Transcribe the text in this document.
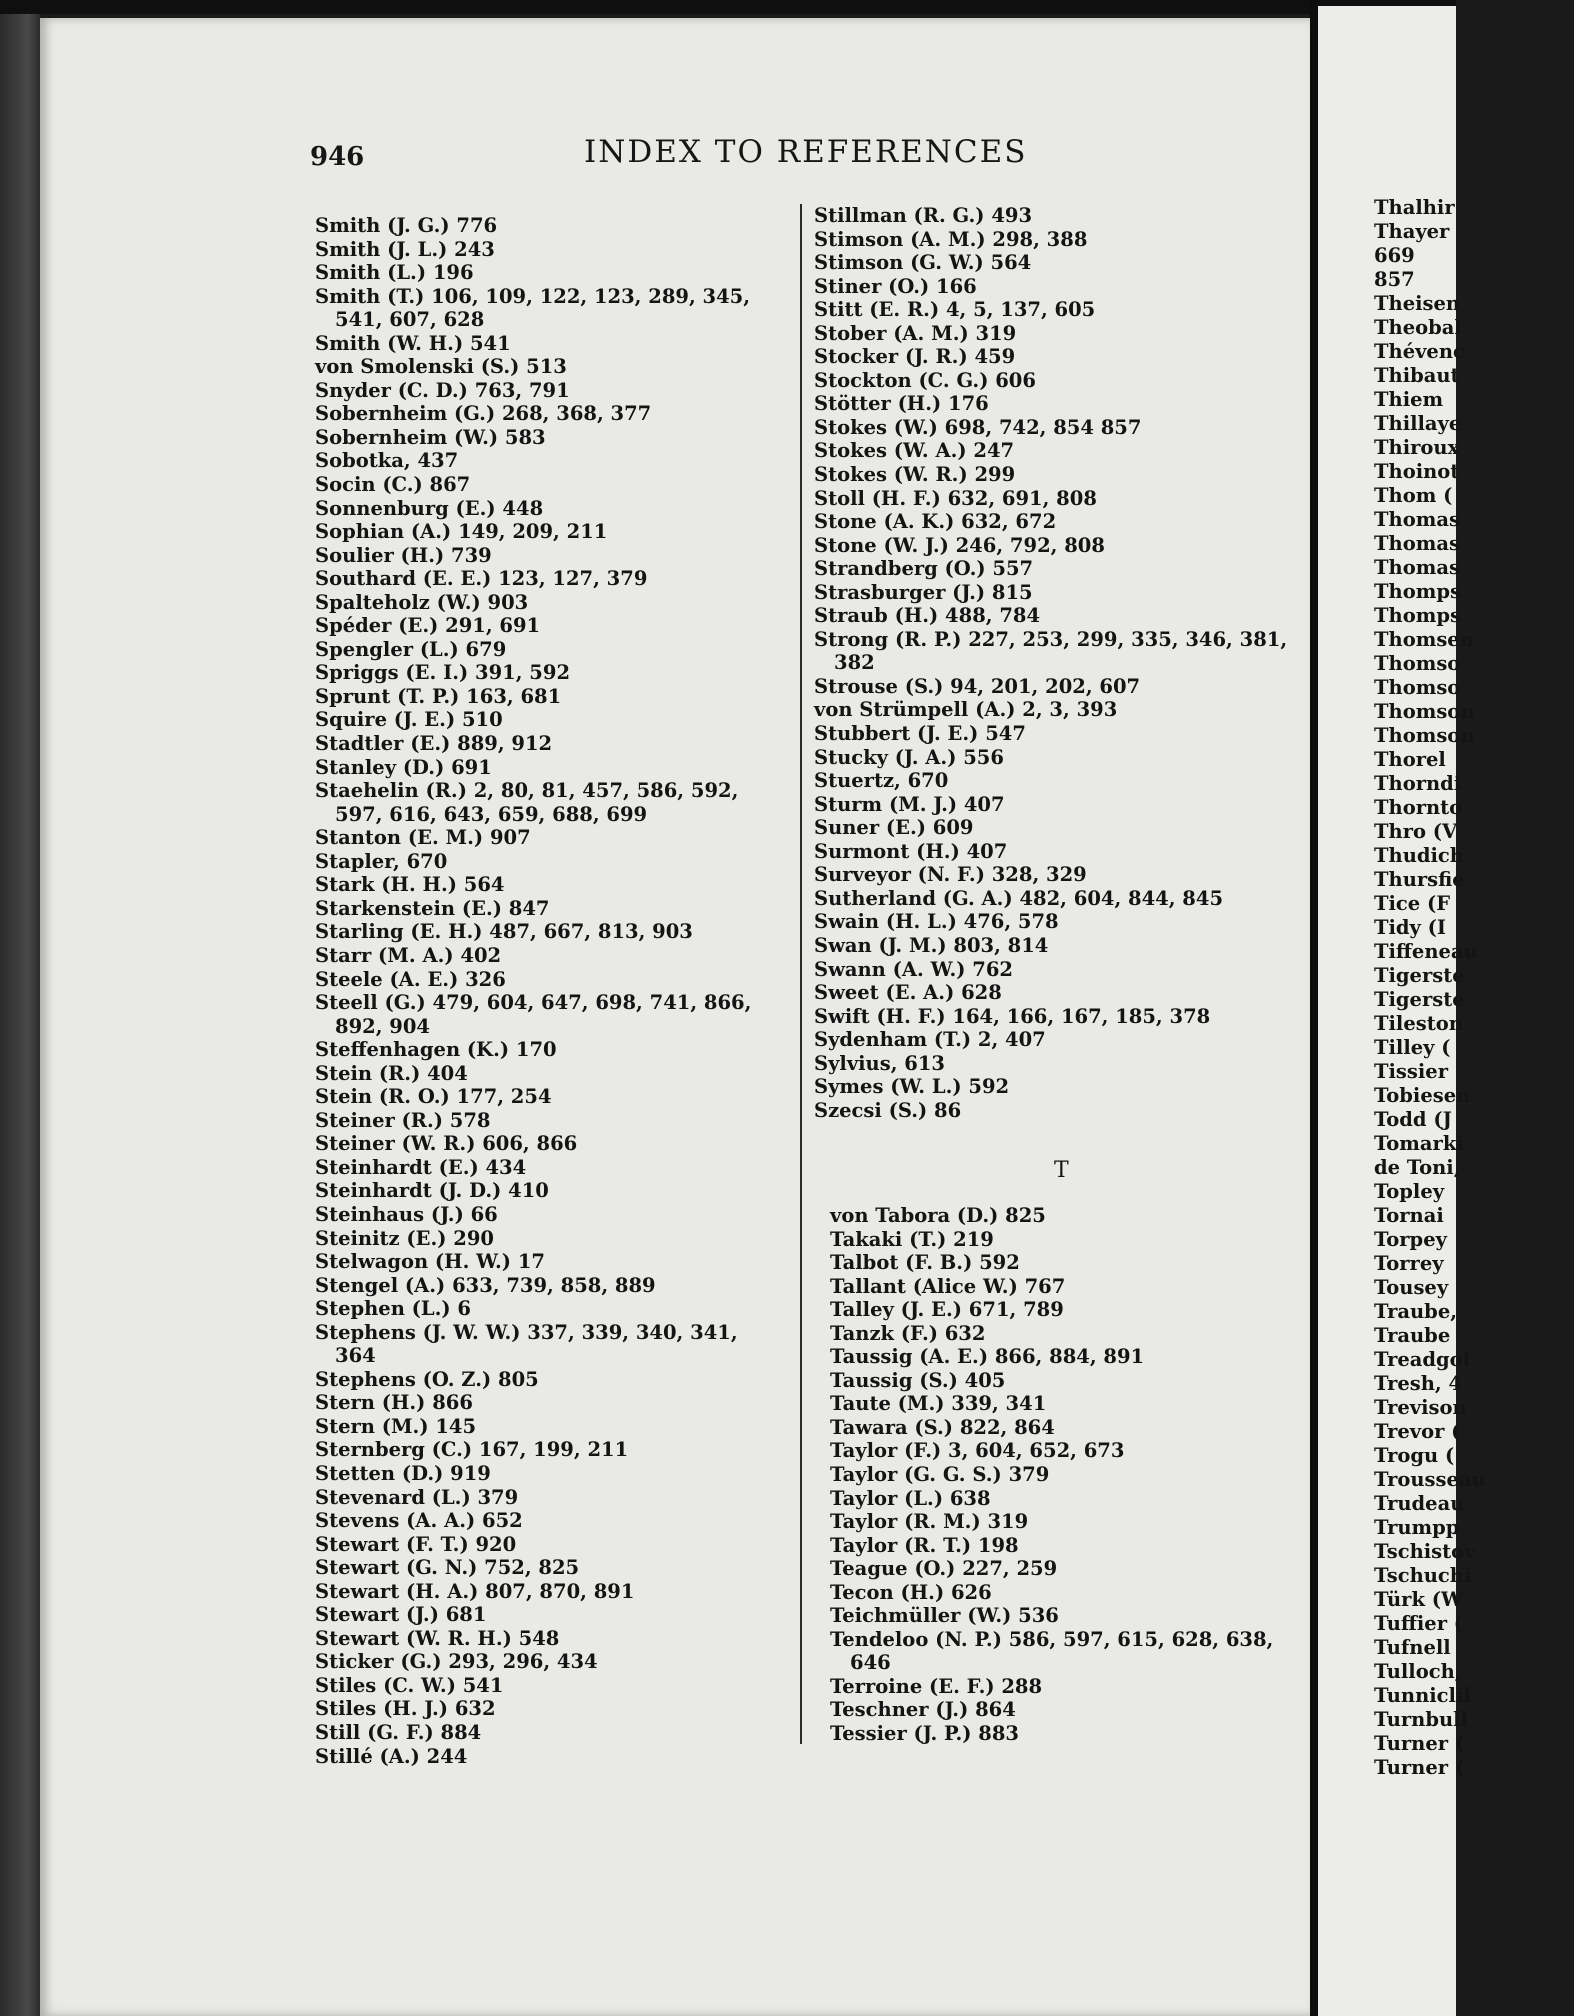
946	INDEX TO REFERENCES
Smith (J. G.) 776
Smith (J. L.) 243
Smith (L.) 196
Smith (T.) 106, 109, 122, 123, 289, 345, 541, 607, 628
Smith (W. H.) 541
von Smolenski (S.) 513
Snyder (C. D.) 763, 791
Sobernheim (G.) 268, 368, 377
Sobernheim (W.) 583
Sobotka, 437
Socin (C.) 867
Sonnenburg (E.) 448
Sophian (A.) 149, 209, 211
Soulier (H.) 739
Southard (E. E.) 123, 127, 379
Spalteholz (W.) 903
Spéder (E.) 291, 691
Spengler (L.) 679
Spriggs (E. I.) 391, 592
Sprunt (T. P.) 163, 681
Squire (J. E.) 510
Stadtler (E.) 889, 912
Stanley (D.) 691
Staehelin (R.) 2, 80, 81, 457, 586, 592, 597, 616, 643, 659, 688, 699
Stanton (E. M.) 907
Stapler, 670
Stark (H. H.) 564
Starkenstein (E.) 847
Starling (E. H.) 487, 667, 813, 903
Starr (M. A.) 402
Steele (A. E.) 326
Steell (G.) 479, 604, 647, 698, 741, 866, 892, 904
Steffenhagen (K.) 170
Stein (R.) 404
Stein (R. O.) 177, 254
Steiner (R.) 578
Steiner (W. R.) 606, 866
Steinhardt (E.) 434
Steinhardt (J. D.) 410
Steinhaus (J.) 66
Steinitz (E.) 290
Stelwagon (H. W.) 17
Stengel (A.) 633, 739, 858, 889
Stephen (L.) 6
Stephens (J. W. W.) 337, 339, 340, 341, 364
Stephens (O. Z.) 805
Stern (H.) 866
Stern (M.) 145
Sternberg (C.) 167, 199, 211
Stetten (D.) 919
Stevenard (L.) 379
Stevens (A. A.) 652
Stewart (F. T.) 920
Stewart (G. N.) 752, 825
Stewart (H. A.) 807, 870, 891
Stewart (J.) 681
Stewart (W. R. H.) 548
Sticker (G.) 293, 296, 434
Stiles (C. W.) 541
Stiles (H. J.) 632
Still (G. F.) 884
Stillé (A.) 244
Stillman (R. G.) 493
Stimson (A. M.) 298, 388
Stimson (G. W.) 564
Stiner (O.) 166
Stitt (E. R.) 4, 5, 137, 605
Stober (A. M.) 319
Stocker (J. R.) 459
Stockton (C. G.) 606
Stötter (H.) 176
Stokes (W.) 698, 742, 854 857
Stokes (W. A.) 247
Stokes (W. R.) 299
Stoll (H. F.) 632, 691, 808
Stone (A. K.) 632, 672
Stone (W. J.) 246, 792, 808
Strandberg (O.) 557
Strasburger (J.) 815
Straub (H.) 488, 784
Strong (R. P.) 227, 253, 299, 335, 346, 381, 382
Strouse (S.) 94, 201, 202, 607
von Strümpell (A.) 2, 3, 393
Stubbert (J. E.) 547
Stucky (J. A.) 556
Stuertz, 670
Sturm (M. J.) 407
Suner (E.) 609
Surmont (H.) 407
Surveyor (N. F.) 328, 329
Sutherland (G. A.) 482, 604, 844, 845
Swain (H. L.) 476, 578
Swan (J. M.) 803, 814
Swann (A. W.) 762
Sweet (E. A.) 628
Swift (H. F.) 164, 166, 167, 185, 378
Sydenham (T.) 2, 407
Sylvius, 613
Symes (W. L.) 592
Szecsi (S.) 86
T
von Tabora (D.) 825
Takaki (T.) 219
Talbot (F. B.) 592
Tallant (Alice W.) 767
Talley (J. E.) 671, 789
Tanzk (F.) 632
Taussig (A. E.) 866, 884, 891
Taussig (S.) 405
Taute (M.) 339, 341
Tawara (S.) 822, 864
Taylor (F.) 3, 604, 652, 673
Taylor (G. G. S.) 379
Taylor (L.) 638
Taylor (R. M.) 319
Taylor (R. T.) 198
Teague (O.) 227, 259
Tecon (H.) 626
Teichmüller (W.) 536
Tendeloo (N. P.) 586, 597, 615, 628, 638, 646
Terroine (E. F.) 288
Teschner (J.) 864
Tessier (J. P.) 883
Thalhir
Thayer
669
857
Theisen
Theobal
Thévenc
Thibaut
Thiem
Thillaye
Thiroux
Thoinot
Thom (
Thomas
Thomas
Thomas
Thomps
Thomps
Thomsen
Thomso
Thomso
Thomson
Thomson
Thorel
Thorndi
Thornto
Thro (V
Thudich
Thursfie
Tice (F
Tidy (I
Tiffeneau
Tigerste
Tigerste
Tileston
Tilley (
Tissier
Tobiesen
Todd (J
Tomarki
de Toni,
Topley
Tornai
Torpey
Torrey
Tousey
Traube,
Traube
Treadgol
Tresh, 4
Trevison
Trevor (
Trogu (
Trousseau
Trudeau
Trumpp
Tschistov
Tschuchi
Türk (W
Tuffier (
Tufnell
Tulloch,
Tunniclif
Turnbull
Turner (
Turner (
